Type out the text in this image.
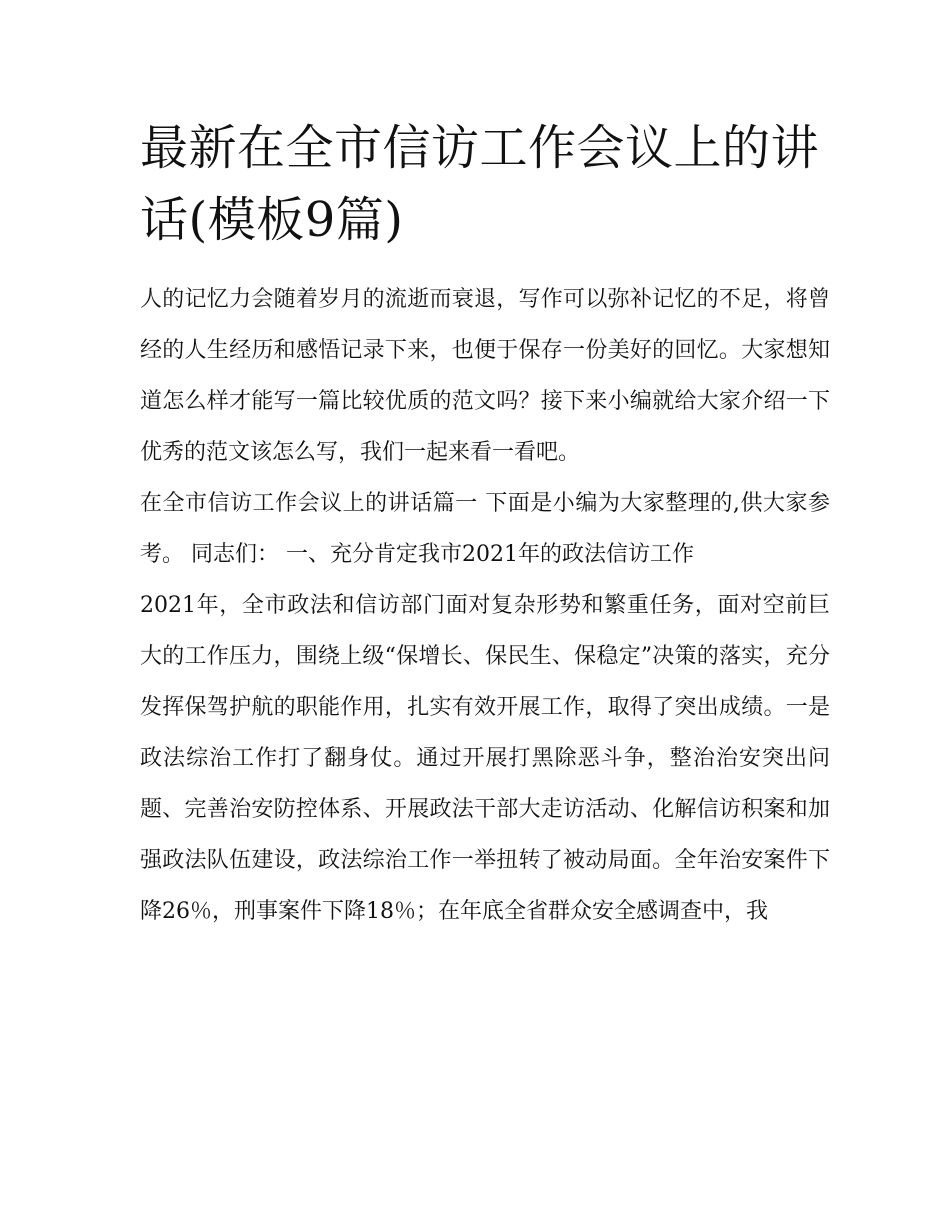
最新在全市信访工作会议上的讲话(模板9篇)

人的记忆力会随着岁月的流逝而衰退，写作可以弥补记忆的不足，将曾经的人生经历和感悟记录下来，也便于保存一份美好的回忆。大家想知道怎么样才能写一篇比较优质的范文吗？接下来小编就给大家介绍一下优秀的范文该怎么写，我们一起来看一看吧。

在全市信访工作会议上的讲话篇一 下面是小编为大家整理的,供大家参考。 同志们： 一、充分肯定我市2021年的政法信访工作

2021年，全市政法和信访部门面对复杂形势和繁重任务，面对空前巨大的工作压力，围绕上级“保增长、保民生、保稳定”决策的落实，充分发挥保驾护航的职能作用，扎实有效开展工作，取得了突出成绩。一是政法综治工作打了翻身仗。通过开展打黑除恶斗争，整治治安突出问题、完善治安防控体系、开展政法干部大走访活动、化解信访积案和加强政法队伍建设，政法综治工作一举扭转了被动局面。全年治安案件下降26％，刑事案件下降18％；在年底全省群众安全感调查中，我
